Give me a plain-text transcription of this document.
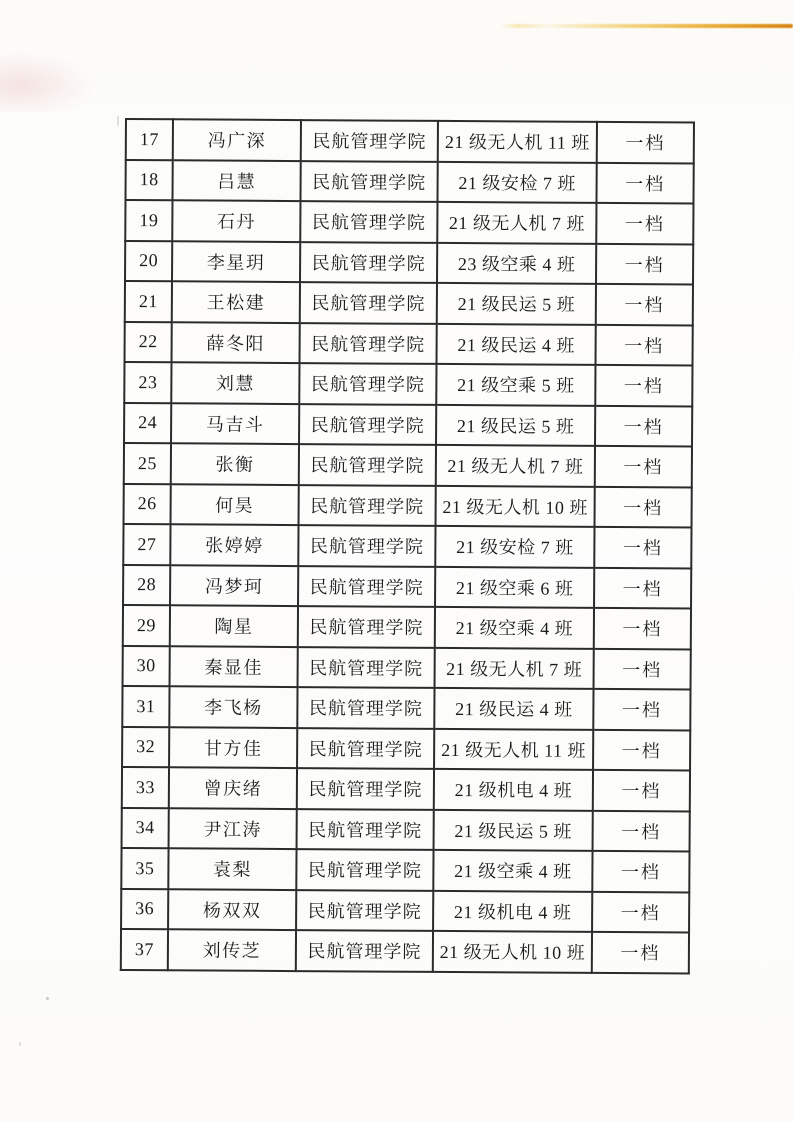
17	冯广深	民航管理学院	21 级无人机 11 班	一档
18	吕慧	民航管理学院	21 级安检 7 班	一档
19	石丹	民航管理学院	21 级无人机 7 班	一档
20	李星玥	民航管理学院	23 级空乘 4 班	一档
21	王松建	民航管理学院	21 级民运 5 班	一档
22	薛冬阳	民航管理学院	21 级民运 4 班	一档
23	刘慧	民航管理学院	21 级空乘 5 班	一档
24	马吉斗	民航管理学院	21 级民运 5 班	一档
25	张衡	民航管理学院	21 级无人机 7 班	一档
26	何昊	民航管理学院	21 级无人机 10 班	一档
27	张婷婷	民航管理学院	21 级安检 7 班	一档
28	冯梦珂	民航管理学院	21 级空乘 6 班	一档
29	陶星	民航管理学院	21 级空乘 4 班	一档
30	秦显佳	民航管理学院	21 级无人机 7 班	一档
31	李飞杨	民航管理学院	21 级民运 4 班	一档
32	甘方佳	民航管理学院	21 级无人机 11 班	一档
33	曾庆绪	民航管理学院	21 级机电 4 班	一档
34	尹江涛	民航管理学院	21 级民运 5 班	一档
35	袁梨	民航管理学院	21 级空乘 4 班	一档
36	杨双双	民航管理学院	21 级机电 4 班	一档
37	刘传芝	民航管理学院	21 级无人机 10 班	一档
